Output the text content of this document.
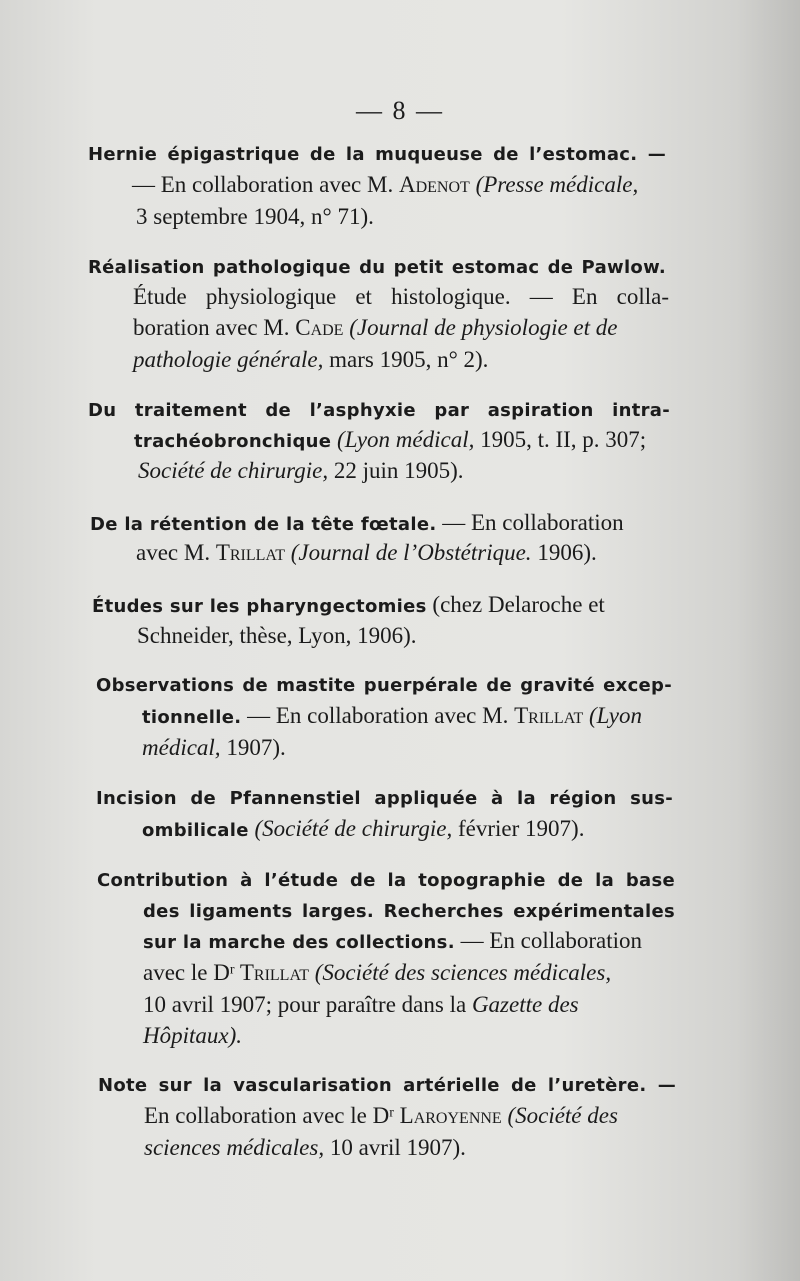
— 8 —
Hernie épigastrique de la muqueuse de l’estomac. —
— En collaboration avec M. Adenot (Presse médicale,
3 septembre 1904, n° 71).
Réalisation pathologique du petit estomac de Pawlow.
Étude physiologique et histologique. — En colla-
boration avec M. Cade (Journal de physiologie et de
pathologie générale, mars 1905, n° 2).
Du traitement de l’asphyxie par aspiration intra-
trachéobronchique (Lyon médical, 1905, t. II, p. 307;
Société de chirurgie, 22 juin 1905).
De la rétention de la tête fœtale. — En collaboration
avec M. Trillat (Journal de l’Obstétrique. 1906).
Études sur les pharyngectomies (chez Delaroche et
Schneider, thèse, Lyon, 1906).
Observations de mastite puerpérale de gravité excep-
tionnelle. — En collaboration avec M. Trillat (Lyon
médical, 1907).
Incision de Pfannenstiel appliquée à la région sus-
ombilicale (Société de chirurgie, février 1907).
Contribution à l’étude de la topographie de la base
des ligaments larges. Recherches expérimentales
sur la marche des collections. — En collaboration
avec le $D^r$ Trillat (Société des sciences médicales,
10 avril 1907; pour paraître dans la Gazette des
Hôpitaux).
Note sur la vascularisation artérielle de l’uretère. —
En collaboration avec le $D^r$ Laroyenne (Société des
sciences médicales, 10 avril 1907).
